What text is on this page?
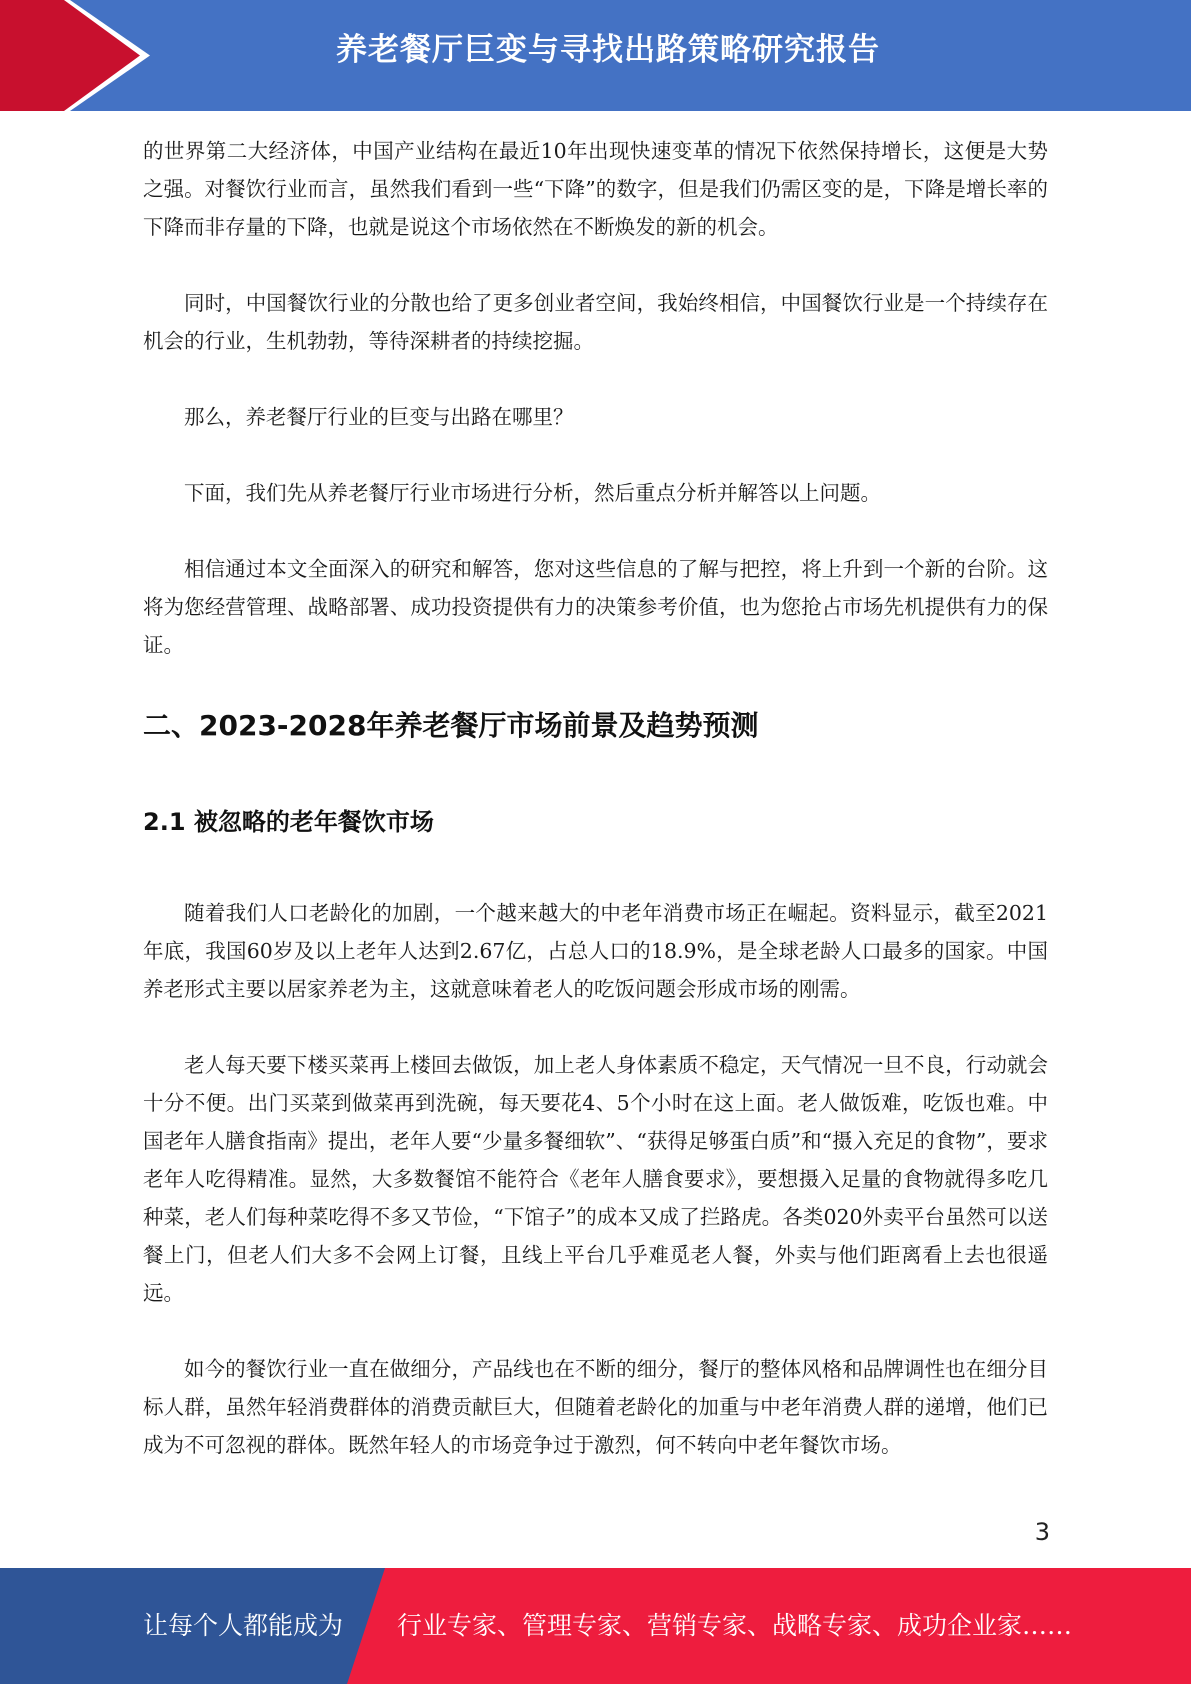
养老餐厅巨变与寻找出路策略研究报告

的世界第二大经济体，中国产业结构在最近10年出现快速变革的情况下依然保持增长，这便是大势之强。对餐饮行业而言，虽然我们看到一些“下降”的数字，但是我们仍需区变的是，下降是增长率的下降而非存量的下降，也就是说这个市场依然在不断焕发的新的机会。

同时，中国餐饮行业的分散也给了更多创业者空间，我始终相信，中国餐饮行业是一个持续存在机会的行业，生机勃勃，等待深耕者的持续挖掘。

那么，养老餐厅行业的巨变与出路在哪里？

下面，我们先从养老餐厅行业市场进行分析，然后重点分析并解答以上问题。

相信通过本文全面深入的研究和解答，您对这些信息的了解与把控，将上升到一个新的台阶。这将为您经营管理、战略部署、成功投资提供有力的决策参考价值，也为您抢占市场先机提供有力的保证。

二、2023-2028年养老餐厅市场前景及趋势预测
2.1 被忽略的老年餐饮市场

随着我们人口老龄化的加剧，一个越来越大的中老年消费市场正在崛起。资料显示，截至2021年底，我国60岁及以上老年人达到2.67亿，占总人口的18.9%，是全球老龄人口最多的国家。中国养老形式主要以居家养老为主，这就意味着老人的吃饭问题会形成市场的刚需。

老人每天要下楼买菜再上楼回去做饭，加上老人身体素质不稳定，天气情况一旦不良，行动就会十分不便。出门买菜到做菜再到洗碗，每天要花4、5个小时在这上面。老人做饭难，吃饭也难。中国老年人膳食指南》提出，老年人要“少量多餐细软”、“获得足够蛋白质”和“摄入充足的食物”，要求老年人吃得精准。显然，大多数餐馆不能符合《老年人膳食要求》，要想摄入足量的食物就得多吃几种菜，老人们每种菜吃得不多又节俭，“下馆子”的成本又成了拦路虎。各类020外卖平台虽然可以送餐上门，但老人们大多不会网上订餐，且线上平台几乎难觅老人餐，外卖与他们距离看上去也很遥远。

如今的餐饮行业一直在做细分，产品线也在不断的细分，餐厅的整体风格和品牌调性也在细分目标人群，虽然年轻消费群体的消费贡献巨大，但随着老龄化的加重与中老年消费人群的递增，他们已成为不可忽视的群体。既然年轻人的市场竞争过于激烈，何不转向中老年餐饮市场。

3
让每个人都能成为 行业专家、管理专家、营销专家、战略专家、成功企业家……
